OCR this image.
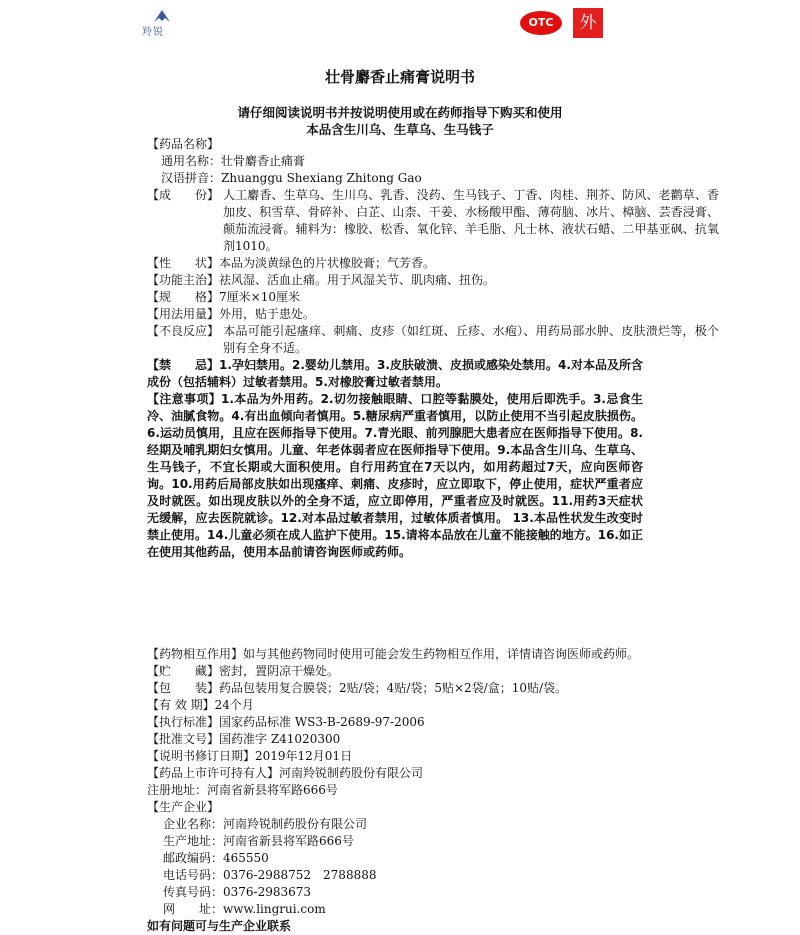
羚锐
OTC	外
壮骨麝香止痛膏说明书
请仔细阅读说明书并按说明使用或在药师指导下购买和使用
本品含生川乌、生草乌、生马钱子
【药品名称】
通用名称：壮骨麝香止痛膏
汉语拼音：Zhuanggu Shexiang Zhitong Gao
【成　　份】 人工麝香、生草乌、生川乌、乳香、没药、生马钱子、丁香、肉桂、荆芥、防风、老鹳草、香加皮、积雪草、骨碎补、白芷、山柰、干姜、水杨酸甲酯、薄荷脑、冰片、樟脑、芸香浸膏、颠茄流浸膏。辅料为：橡胶、松香、氧化锌、羊毛脂、凡士林、液状石蜡、二甲基亚砜、抗氧剂1010。
【性　　状】本品为淡黄绿色的片状橡胶膏；气芳香。
【功能主治】祛风湿、活血止痛。用于风湿关节、肌肉痛、扭伤。
【规　　格】7厘米×10厘米
【用法用量】外用，贴于患处。
【不良反应】 本品可能引起瘙痒、刺痛、皮疹（如红斑、丘疹、水疱）、用药局部水肿、皮肤溃烂等，极个别有全身不适。
【禁　　忌】1.孕妇禁用。2.婴幼儿禁用。3.皮肤破溃、皮损或感染处禁用。4.对本品及所含成份（包括辅料）过敏者禁用。5.对橡胶膏过敏者禁用。
【注意事项】1.本品为外用药。2.切勿接触眼睛、口腔等黏膜处，使用后即洗手。3.忌食生冷、油腻食物。4.有出血倾向者慎用。5.糖尿病严重者慎用，以防止使用不当引起皮肤损伤。6.运动员慎用，且应在医师指导下使用。7.青光眼、前列腺肥大患者应在医师指导下使用。8.经期及哺乳期妇女慎用。儿童、年老体弱者应在医师指导下使用。9.本品含生川乌、生草乌、生马钱子，不宜长期或大面积使用。自行用药宜在7天以内，如用药超过7天，应向医师咨询。10.用药后局部皮肤如出现瘙痒、刺痛、皮疹时，应立即取下，停止使用，症状严重者应及时就医。如出现皮肤以外的全身不适，应立即停用，严重者应及时就医。11.用药3天症状无缓解，应去医院就诊。12.对本品过敏者禁用，过敏体质者慎用。 13.本品性状发生改变时禁止使用。14.儿童必须在成人监护下使用。15.请将本品放在儿童不能接触的地方。16.如正在使用其他药品，使用本品前请咨询医师或药师。
【药物相互作用】如与其他药物同时使用可能会发生药物相互作用，详情请咨询医师或药师。
【贮　　藏】密封，置阴凉干燥处。
【包　　装】药品包装用复合膜袋；2贴/袋；4贴/袋；5贴×2袋/盒；10贴/袋。
【有 效 期】24个月
【执行标准】国家药品标准 WS3-B-2689-97-2006
【批准文号】国药准字 Z41020300
【说明书修订日期】2019年12月01日
【药品上市许可持有人】河南羚锐制药股份有限公司
注册地址：河南省新县将军路666号
【生产企业】
企业名称：河南羚锐制药股份有限公司
生产地址：河南省新县将军路666号
邮政编码：465550
电话号码：0376-2988752　2788888
传真号码：0376-2983673
网　　址：www.lingrui.com
如有问题可与生产企业联系
